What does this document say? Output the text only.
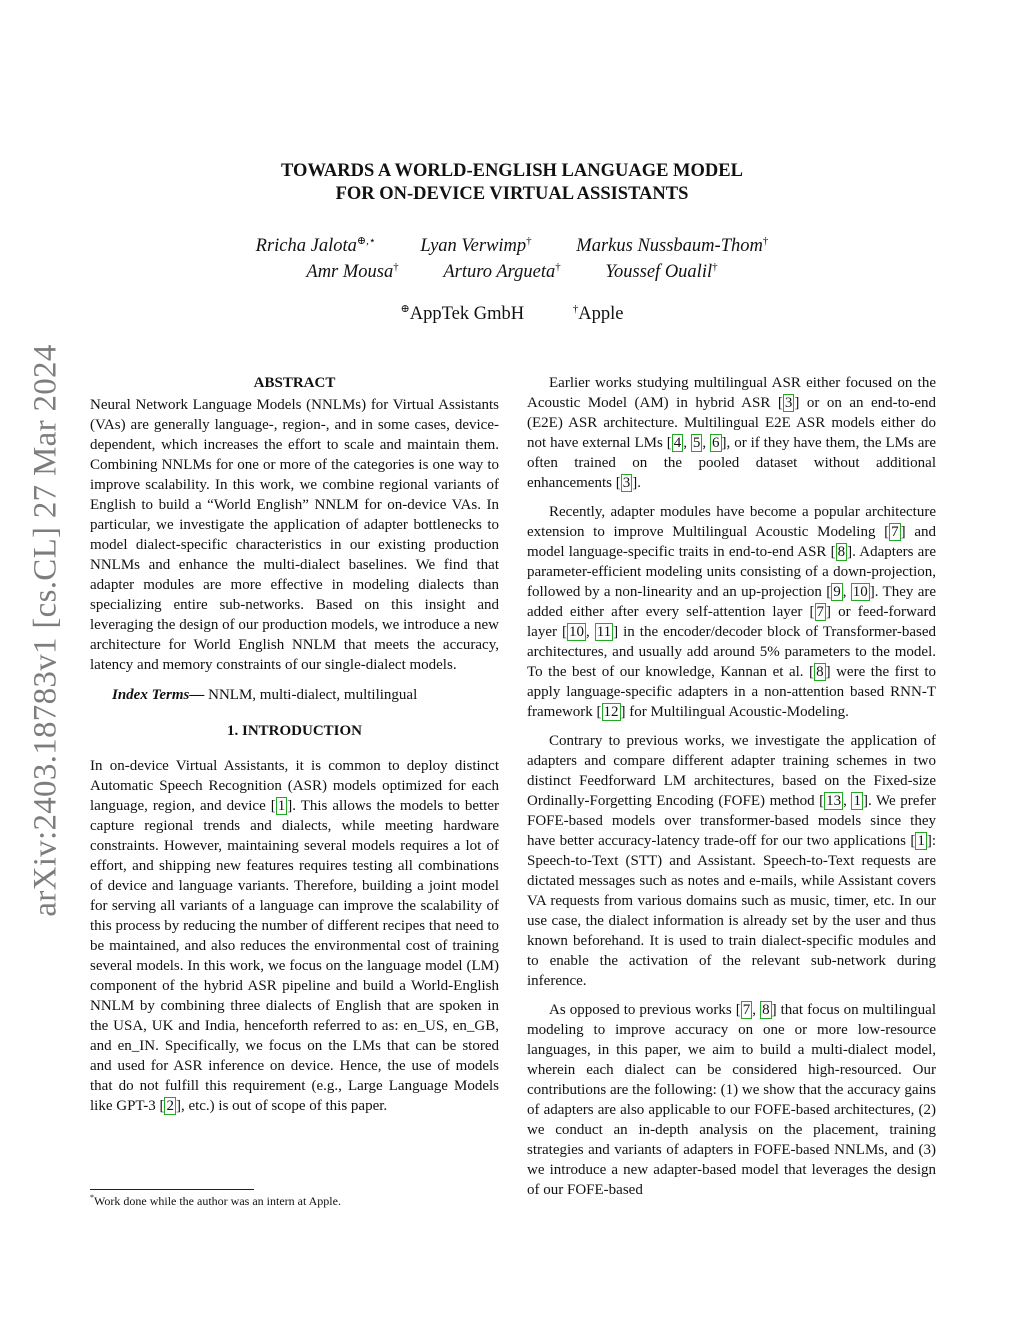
arXiv:2403.18783v1 [cs.CL] 27 Mar 2024
TOWARDS A WORLD-ENGLISH LANGUAGE MODEL
FOR ON-DEVICE VIRTUAL ASSISTANTS
Rricha Jalota⊕,⋆ Lyan Verwimp† Markus Nussbaum-Thom†
Amr Mousa† Arturo Argueta† Youssef Oualil†
⊕AppTek GmbH	†Apple
ABSTRACT

Neural Network Language Models (NNLMs) for Virtual Assistants (VAs) are generally language-, region-, and in some cases, device-dependent, which increases the effort to scale and maintain them. Combining NNLMs for one or more of the categories is one way to improve scalability. In this work, we combine regional variants of English to build a “World English” NNLM for on-device VAs. In particular, we investigate the application of adapter bottlenecks to model dialect-specific characteristics in our existing production NNLMs and enhance the multi-dialect baselines. We find that adapter modules are more effective in modeling dialects than specializing entire sub-networks. Based on this insight and leveraging the design of our production models, we introduce a new architecture for World English NNLM that meets the accuracy, latency and memory constraints of our single-dialect models.

Index Terms— NNLM, multi-dialect, multilingual

1. INTRODUCTION

In on-device Virtual Assistants, it is common to deploy distinct Automatic Speech Recognition (ASR) models optimized for each language, region, and device [ 1 ]. This allows the models to better capture regional trends and dialects, while meeting hardware constraints. However, maintaining several models requires a lot of effort, and shipping new features requires testing all combinations of device and language variants. Therefore, building a joint model for serving all variants of a language can improve the scalability of this process by reducing the number of different recipes that need to be maintained, and also reduces the environmental cost of training several models. In this work, we focus on the language model (LM) component of the hybrid ASR pipeline and build a World-English NNLM by combining three dialects of English that are spoken in the USA, UK and India, henceforth referred to as: en_US, en_GB, and en_IN. Specifically, we focus on the LMs that can be stored and used for ASR inference on device. Hence, the use of models that do not fulfill this requirement (e.g., Large Language Models like GPT-3 [ 2 ], etc.) is out of scope of this paper.

Earlier works studying multilingual ASR either focused on the Acoustic Model (AM) in hybrid ASR [ 3 ] or on an end-to-end (E2E) ASR architecture. Multilingual E2E ASR models either do not have external LMs [ 4 , 5 , 6 ], or if they have them, the LMs are often trained on the pooled dataset without additional enhancements [ 3 ].

Recently, adapter modules have become a popular architecture extension to improve Multilingual Acoustic Modeling [ 7 ] and model language-specific traits in end-to-end ASR [ 8 ]. Adapters are parameter-efficient modeling units consisting of a down-projection, followed by a non-linearity and an up-projection [ 9 , 10 ]. They are added either after every self-attention layer [ 7 ] or feed-forward layer [ 10 , 11 ] in the encoder/decoder block of Transformer-based architectures, and usually add around 5% parameters to the model. To the best of our knowledge, Kannan et al. [ 8 ] were the first to apply language-specific adapters in a non-attention based RNN-T framework [ 12 ] for Multilingual Acoustic-Modeling.

Contrary to previous works, we investigate the application of adapters and compare different adapter training schemes in two distinct Feedforward LM architectures, based on the Fixed-size Ordinally-Forgetting Encoding (FOFE) method [ 13 , 1 ]. We prefer FOFE-based models over transformer-based models since they have better accuracy-latency trade-off for our two applications [ 1 ]: Speech-to-Text (STT) and Assistant. Speech-to-Text requests are dictated messages such as notes and e-mails, while Assistant covers VA requests from various domains such as music, timer, etc. In our use case, the dialect information is already set by the user and thus known beforehand. It is used to train dialect-specific modules and to enable the activation of the relevant sub-network during inference.

As opposed to previous works [ 7 , 8 ] that focus on multilingual modeling to improve accuracy on one or more low-resource languages, in this paper, we aim to build a multi-dialect model, wherein each dialect can be considered high-resourced. Our contributions are the following: (1) we show that the accuracy gains of adapters are also applicable to our FOFE-based architectures, (2) we conduct an in-depth analysis on the placement, training strategies and variants of adapters in FOFE-based NNLMs, and (3) we introduce a new adapter-based model that leverages the design of our FOFE-based

*Work done while the author was an intern at Apple.
